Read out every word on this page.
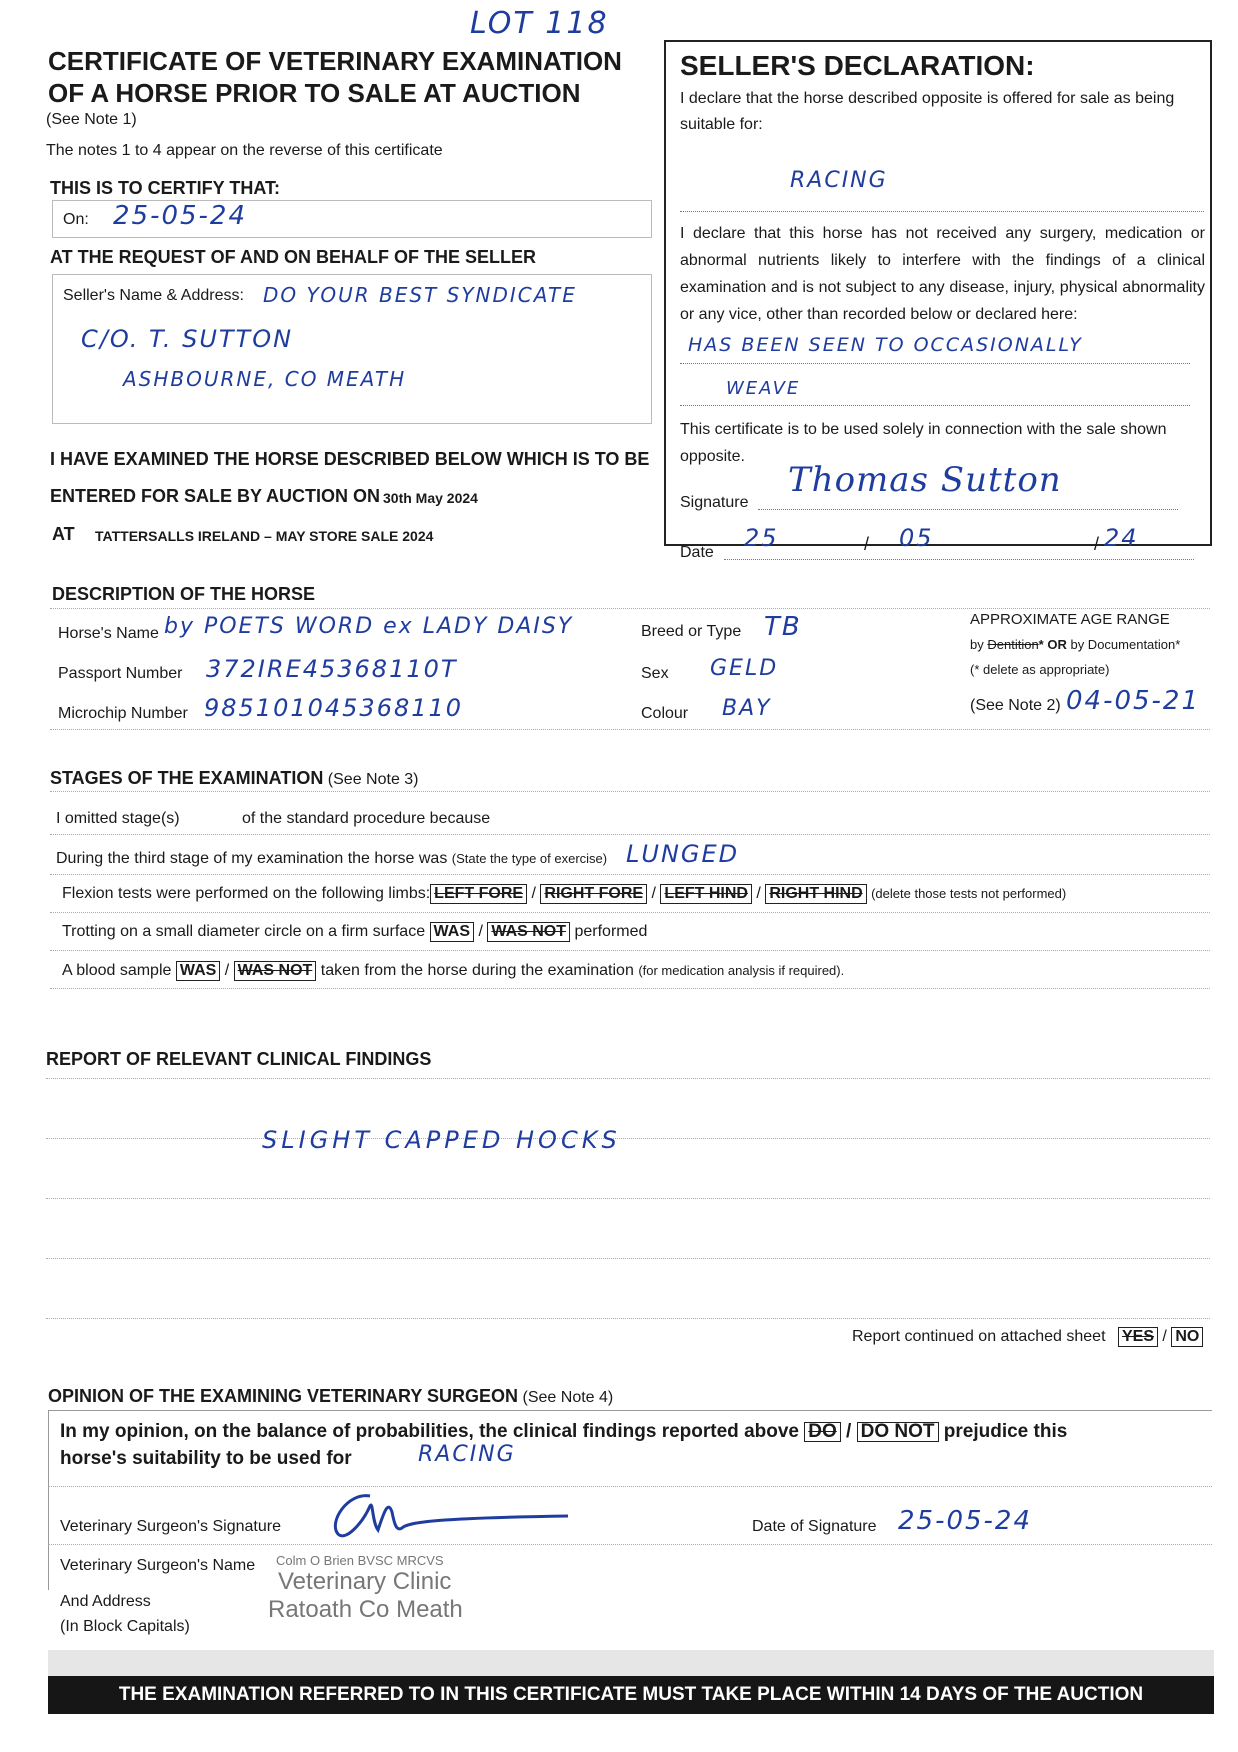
LOT 118
CERTIFICATE OF VETERINARY EXAMINATION
OF A HORSE PRIOR TO SALE AT AUCTION
(See Note 1)
The notes 1 to 4 appear on the reverse of this certificate
THIS IS TO CERTIFY THAT:
On: 25-05-24
AT THE REQUEST OF AND ON BEHALF OF THE SELLER
Seller's Name & Address: DO YOUR BEST SYNDICATE
C/O. T. SUTTON
ASHBOURNE, CO MEATH
I HAVE EXAMINED THE HORSE DESCRIBED BELOW WHICH IS TO BE
ENTERED FOR SALE BY AUCTION ON 30th May 2024
AT TATTERSALLS IRELAND – MAY STORE SALE 2024
SELLER'S DECLARATION:
I declare that the horse described opposite is offered for sale as being suitable for:
RACING
I declare that this horse has not received any surgery, medication or abnormal nutrients likely to interfere with the findings of a clinical examination and is not subject to any disease, injury, physical abnormality or any vice, other than recorded below or declared here:
HAS BEEN SEEN TO OCCASIONALLY
WEAVE
This certificate is to be used solely in connection with the sale shown opposite.
Signature
Thomas Sutton
Date
25	/ 05	/ 24
DESCRIPTION OF THE HORSE
Horse's Name by POETS WORD ex LADY DAISY
Passport Number 372IRE45368110T
Microchip Number 985101045368110
Breed or Type TB
Sex GELD
Colour BAY
APPROXIMATE AGE RANGE
by Dentition* OR by Documentation*
(* delete as appropriate)
(See Note 2) 04-05-21
STAGES OF THE EXAMINATION (See Note 3)
I omitted stage(s)	of the standard procedure because
During the third stage of my examination the horse was (State the type of exercise) LUNGED
Flexion tests were performed on the following limbs: LEFT FORE / RIGHT FORE / LEFT HIND / RIGHT HIND (delete those tests not performed)
Trotting on a small diameter circle on a firm surface WAS / WAS NOT performed
A blood sample WAS / WAS NOT taken from the horse during the examination (for medication analysis if required).
REPORT OF RELEVANT CLINICAL FINDINGS
SLIGHT CAPPED HOCKS
Report continued on attached sheet YES / NO
OPINION OF THE EXAMINING VETERINARY SURGEON (See Note 4)
In my opinion, on the balance of probabilities, the clinical findings reported above DO / DO NOT prejudice this
horse's suitability to be used for	RACING
Veterinary Surgeon's Signature	Date of Signature 25-05-24
Veterinary Surgeon's Name
And Address
(In Block Capitals)
Colm O Brien BVSC MRCVS
Veterinary Clinic
Ratoath Co Meath
THE EXAMINATION REFERRED TO IN THIS CERTIFICATE MUST TAKE PLACE WITHIN 14 DAYS OF THE AUCTION
